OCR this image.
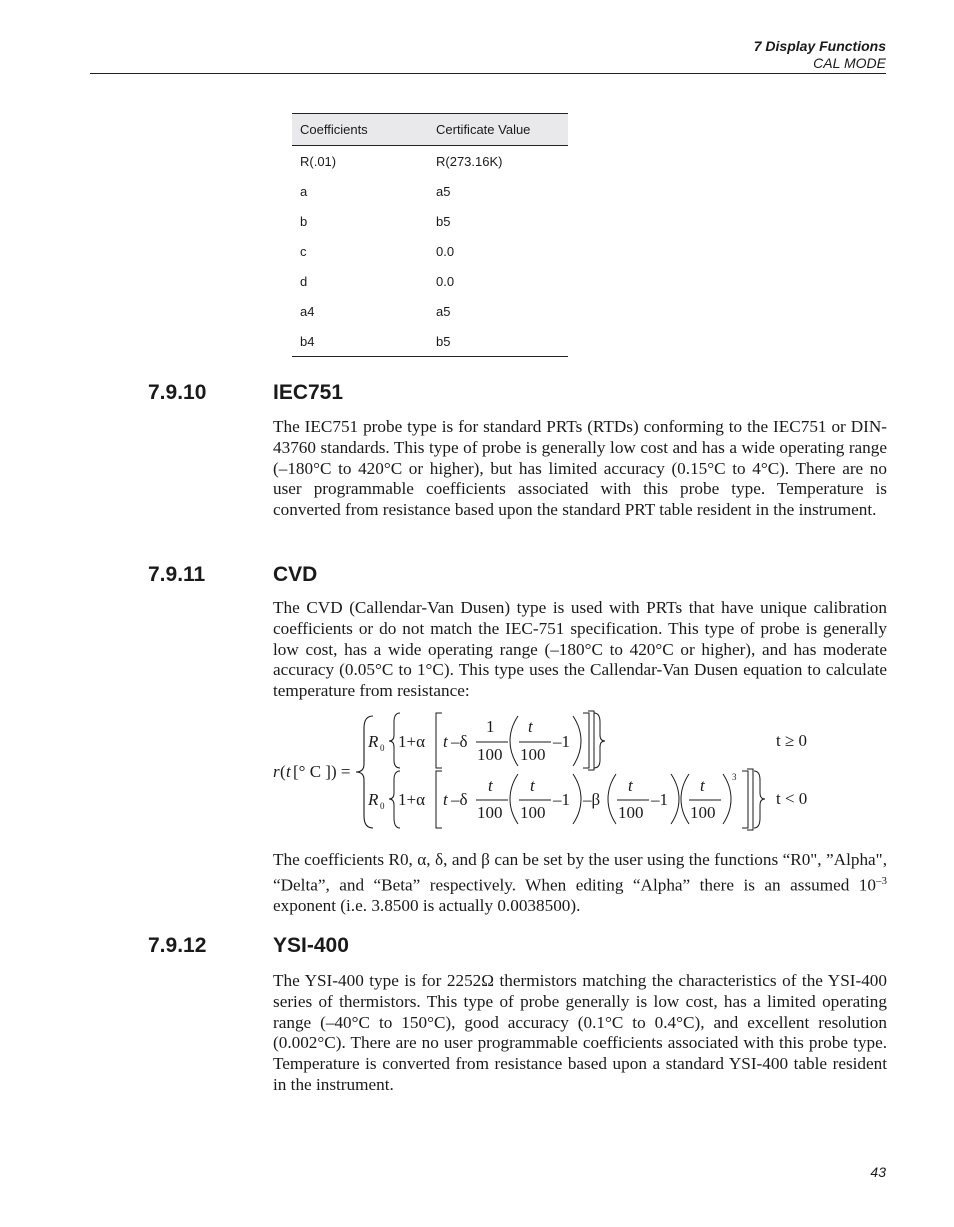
7 Display Functions
CAL MODE
Coefficients	Certificate Value
R(.01)	R(273.16K)
a	a5
b	b5
c	0.0
d	0.0
a4	a5
b4	b5
7.9.10	IEC751
The IEC751 probe type is for standard PRTs (RTDs) conforming to the IEC751 or DIN-43760 standards. This type of probe is generally low cost and has a wide operating range (–180°C to 420°C or higher), but has limited accuracy (0.15°C to 4°C). There are no user programmable coefficients associated with this probe type. Temperature is converted from resistance based upon the standard PRT table resident in the instrument.
7.9.11	CVD
The CVD (Callendar-Van Dusen) type is used with PRTs that have unique calibration coefficients or do not match the IEC-751 specification. This type of probe is generally low cost, has a wide operating range (–180°C to 420°C or higher), and has moderate accuracy (0.05°C to 1°C). This type uses the Callendar-Van Dusen equation to calculate temperature from resistance:
r ( t [° C ]) =
R 0 1+α t –δ
1
100
t
100
–1	t ≥ 0
R 0 1+α t –δ
t
100
t
100
–1 –β
t
100
–1
t
100
3
t < 0
The coefficients R0, α, δ, and β can be set by the user using the functions “R0", ”Alpha", “Delta”, and “Beta” respectively. When editing “Alpha” there is an assumed $10^{-3}$ exponent (i.e. 3.8500 is actually 0.0038500).
7.9.12	YSI-400
The YSI-400 type is for 2252Ω thermistors matching the characteristics of the YSI-400 series of thermistors. This type of probe generally is low cost, has a limited operating range (–40°C to 150°C), good accuracy (0.1°C to 0.4°C), and excellent resolution (0.002°C). There are no user programmable coefficients associated with this probe type. Temperature is converted from resistance based upon a standard YSI-400 table resident in the instrument.
43
